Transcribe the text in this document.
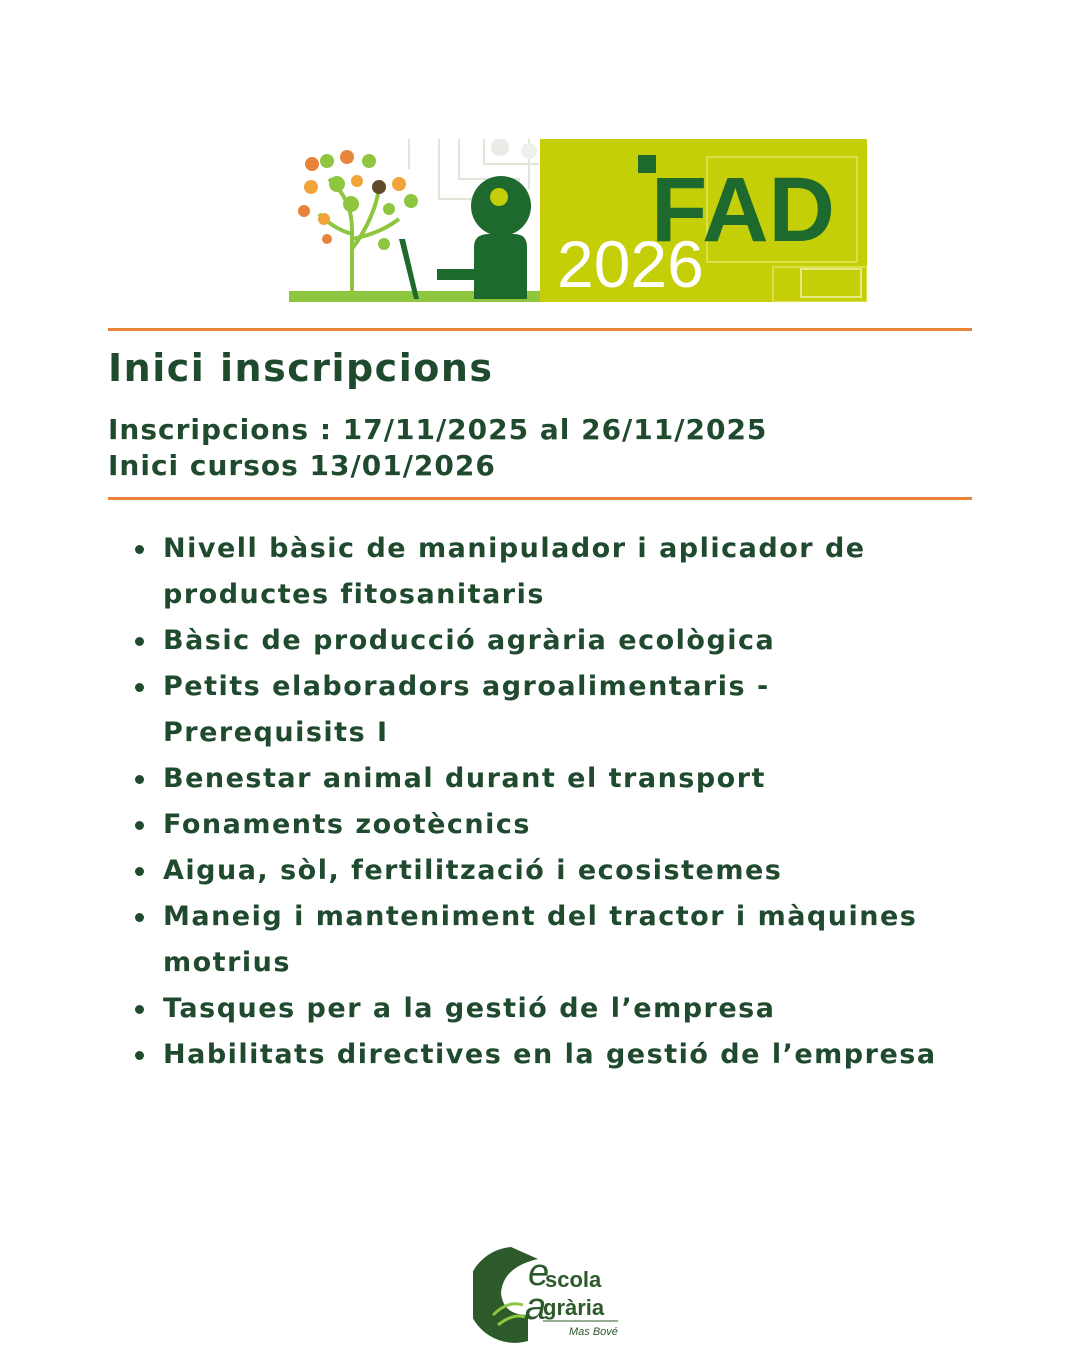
FAD
2026
Inici inscripcions
Inscripcions : 17/11/2025 al 26/11/2025
Inici cursos 13/01/2026
Nivell bàsic de manipulador i aplicador de productes fitosanitaris
Bàsic de producció agrària ecològica
Petits elaboradors agroalimentaris - Prerequisits I
Benestar animal durant el transport
Fonaments zootècnics
Aigua, sòl, fertilització i ecosistemes
Maneig i manteniment del tractor i màquines motrius
Tasques per a la gestió de l’empresa
Habilitats directives en la gestió de l’empresa
e
scola
a
grària
Mas Bové
